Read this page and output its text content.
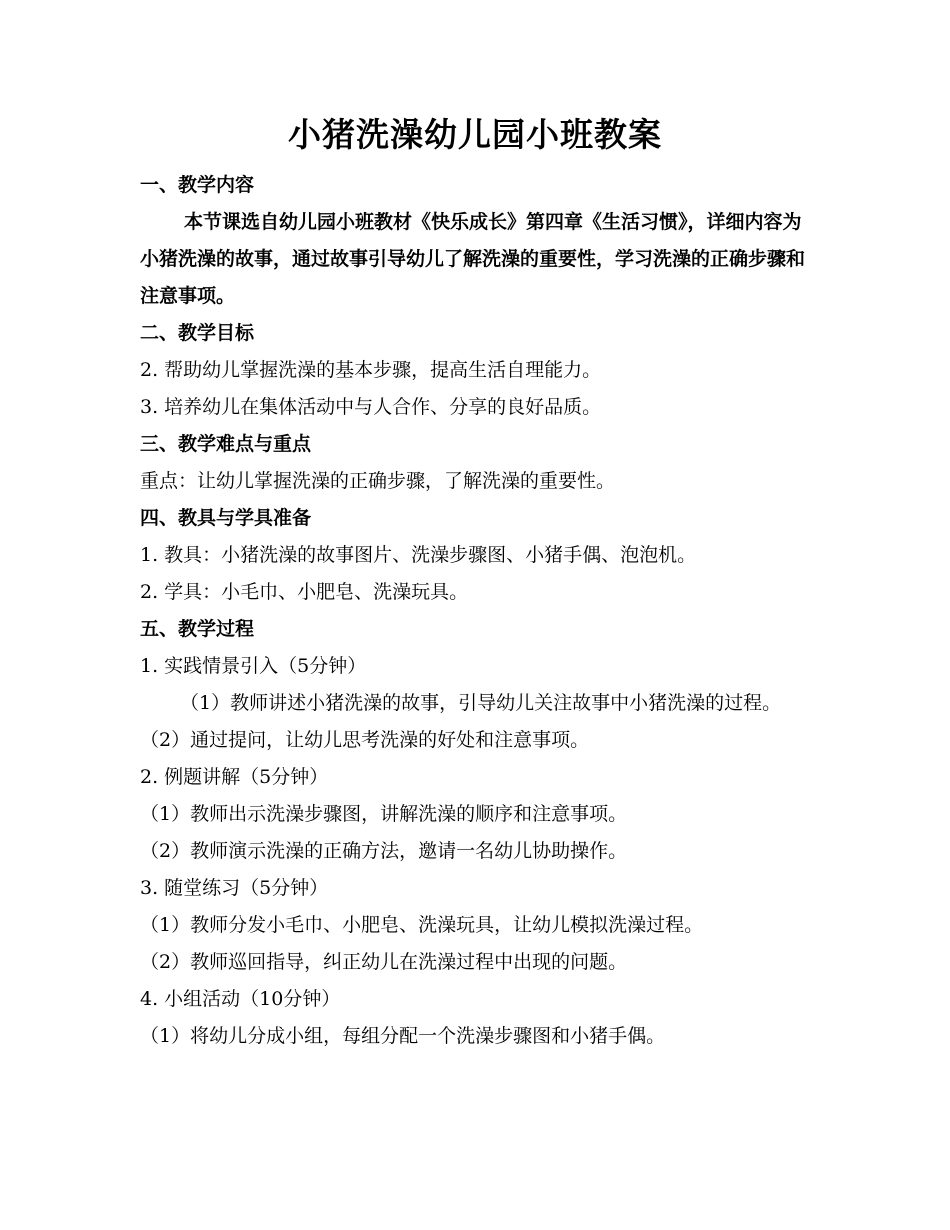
小猪洗澡幼儿园小班教案

一、教学内容

本节课选自幼儿园小班教材《快乐成长》第四章《生活习惯》，详细内容为小猪洗澡的故事，通过故事引导幼儿了解洗澡的重要性，学习洗澡的正确步骤和注意事项。

二、教学目标

2. 帮助幼儿掌握洗澡的基本步骤，提高生活自理能力。

3. 培养幼儿在集体活动中与人合作、分享的良好品质。

三、教学难点与重点

重点：让幼儿掌握洗澡的正确步骤，了解洗澡的重要性。

四、教具与学具准备

1. 教具：小猪洗澡的故事图片、洗澡步骤图、小猪手偶、泡泡机。

2. 学具：小毛巾、小肥皂、洗澡玩具。

五、教学过程

1. 实践情景引入（5分钟）

（1）教师讲述小猪洗澡的故事，引导幼儿关注故事中小猪洗澡的过程。

（2）通过提问，让幼儿思考洗澡的好处和注意事项。

2. 例题讲解（5分钟）

（1）教师出示洗澡步骤图，讲解洗澡的顺序和注意事项。

（2）教师演示洗澡的正确方法，邀请一名幼儿协助操作。

3. 随堂练习（5分钟）

（1）教师分发小毛巾、小肥皂、洗澡玩具，让幼儿模拟洗澡过程。

（2）教师巡回指导，纠正幼儿在洗澡过程中出现的问题。

4. 小组活动（10分钟）

（1）将幼儿分成小组，每组分配一个洗澡步骤图和小猪手偶。
